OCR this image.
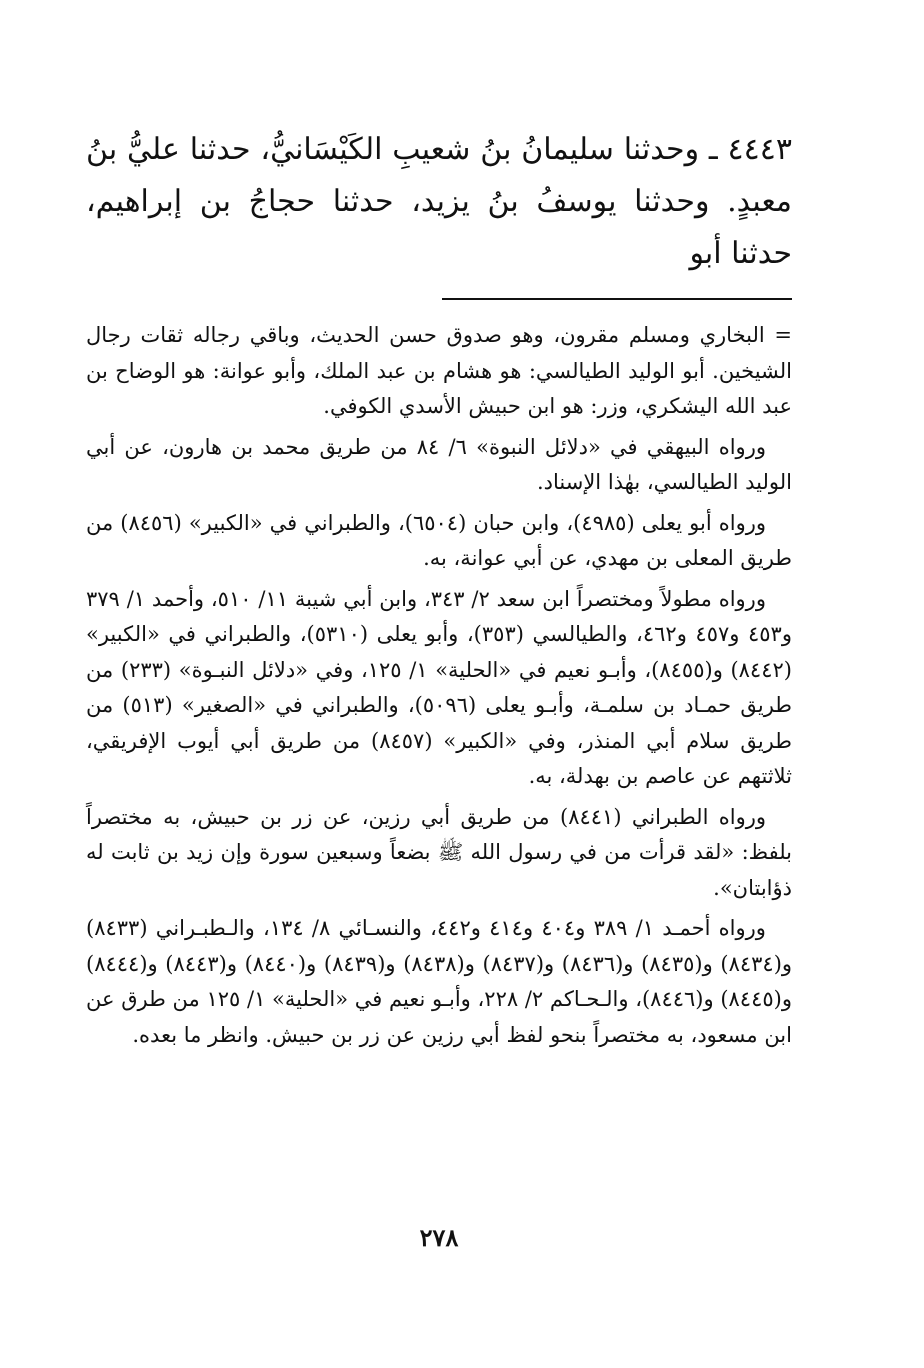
٤٤٤٣ ـ وحدثنا سليمانُ بنُ شعيبِ الكَيْسَانيُّ، حدثنا عليُّ بنُ معبدٍ. وحدثنا يوسفُ بنُ يزيد، حدثنا حجاجُ بن إبراهيم، حدثنا أبو

= البخاري ومسلم مقرون، وهو صدوق حسن الحديث، وباقي رجاله ثقات رجال الشيخين. أبو الوليد الطيالسي: هو هشام بن عبد الملك، وأبو عوانة: هو الوضاح بن عبد الله اليشكري، وزر: هو ابن حبيش الأسدي الكوفي.

ورواه البيهقي في «دلائل النبوة» ٦/ ٨٤ من طريق محمد بن هارون، عن أبي الوليد الطيالسي، بهٰذا الإسناد.

ورواه أبو يعلى (٤٩٨٥)، وابن حبان (٦٥٠٤)، والطبراني في «الكبير» (٨٤٥٦) من طريق المعلى بن مهدي، عن أبي عوانة، به.

ورواه مطولاً ومختصراً ابن سعد ٢/ ٣٤٣، وابن أبي شيبة ١١/ ٥١٠، وأحمد ١/ ٣٧٩ و٤٥٣ و٤٥٧ و٤٦٢، والطيالسي (٣٥٣)، وأبو يعلى (٥٣١٠)، والطبراني في «الكبير» (٨٤٤٢) و(٨٤٥٥)، وأبـو نعيم في «الحلية» ١/ ١٢٥، وفي «دلائل النبـوة» (٢٣٣) من طريق حمـاد بن سلمـة، وأبـو يعلى (٥٠٩٦)، والطبراني في «الصغير» (٥١٣) من طريق سلام أبي المنذر، وفي «الكبير» (٨٤٥٧) من طريق أبي أيوب الإفريقي، ثلاثتهم عن عاصم بن بهدلة، به.

ورواه الطبراني (٨٤٤١) من طريق أبي رزين، عن زر بن حبيش، به مختصراً بلفظ: «لقد قرأت من في رسول الله ﷺ بضعاً وسبعين سورة وإن زيد بن ثابت له ذؤابتان».

ورواه أحمـد ١/ ٣٨٩ و٤٠٤ و٤١٤ و٤٤٢، والنسـائي ٨/ ١٣٤، والـطبـراني (٨٤٣٣) و(٨٤٣٤) و(٨٤٣٥) و(٨٤٣٦) و(٨٤٣٧) و(٨٤٣٨) و(٨٤٣٩) و(٨٤٤٠) و(٨٤٤٣) و(٨٤٤٤) و(٨٤٤٥) و(٨٤٤٦)، والـحـاكم ٢/ ٢٢٨، وأبـو نعيم في «الحلية» ١/ ١٢٥ من طرق عن ابن مسعود، به مختصراً بنحو لفظ أبي رزين عن زر بن حبيش. وانظر ما بعده.

٢٧٨
